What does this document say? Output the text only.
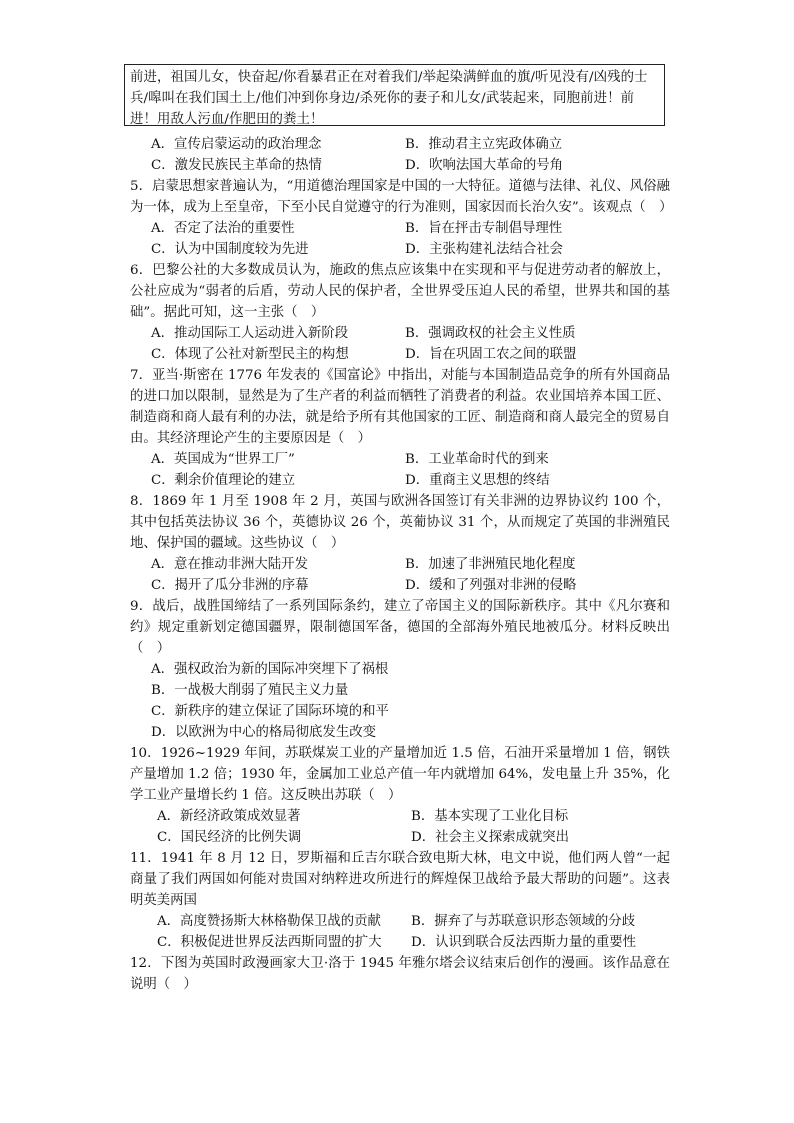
前进，祖国儿女，快奋起/你看暴君正在对着我们/举起染满鲜血的旗/听见没有/凶残的士兵/嗥叫在我们国土上/他们冲到你身边/杀死你的妻子和儿女/武装起来，同胞前进！前进！用敌人污血/作肥田的粪土！
A．宣传启蒙运动的政治理念	B．推动君主立宪政体确立
C．激发民族民主革命的热情	D．吹响法国大革命的号角

5．启蒙思想家普遍认为，“用道德治理国家是中国的一大特征。道德与法律、礼仪、风俗融为一体，成为上至皇帝，下至小民自觉遵守的行为准则，国家因而长治久安”。该观点（　）

A．否定了法治的重要性	B．旨在抨击专制倡导理性
C．认为中国制度较为先进	D．主张构建礼法结合社会

6．巴黎公社的大多数成员认为，施政的焦点应该集中在实现和平与促进劳动者的解放上，公社应成为“弱者的后盾，劳动人民的保护者，全世界受压迫人民的希望，世界共和国的基础”。据此可知，这一主张（　）

A．推动国际工人运动进入新阶段	B．强调政权的社会主义性质
C．体现了公社对新型民主的构想	D．旨在巩固工农之间的联盟

7．亚当·斯密在 1776 年发表的《国富论》中指出，对能与本国制造品竞争的所有外国商品的进口加以限制，显然是为了生产者的利益而牺牲了消费者的利益。农业国培养本国工匠、制造商和商人最有利的办法，就是给予所有其他国家的工匠、制造商和商人最完全的贸易自由。其经济理论产生的主要原因是（　）

A．英国成为“世界工厂”	B．工业革命时代的到来
C．剩余价值理论的建立	D．重商主义思想的终结

8．1869 年 1 月至 1908 年 2 月，英国与欧洲各国签订有关非洲的边界协议约 100 个，其中包括英法协议 36 个，英德协议 26 个，英葡协议 31 个，从而规定了英国的非洲殖民地、保护国的疆域。这些协议（　）

A．意在推动非洲大陆开发	B．加速了非洲殖民地化程度
C．揭开了瓜分非洲的序幕	D．缓和了列强对非洲的侵略

9．战后，战胜国缔结了一系列国际条约，建立了帝国主义的国际新秩序。其中《凡尔赛和约》规定重新划定德国疆界，限制德国军备，德国的全部海外殖民地被瓜分。材料反映出（　）

A．强权政治为新的国际冲突埋下了祸根
B．一战极大削弱了殖民主义力量
C．新秩序的建立保证了国际环境的和平
D．以欧洲为中心的格局彻底发生改变

10．1926~1929 年间，苏联煤炭工业的产量增加近 1.5 倍，石油开采量增加 1 倍，钢铁产量增加 1.2 倍；1930 年，金属加工业总产值一年内就增加 64%，发电量上升 35%，化学工业产量增长约 1 倍。这反映出苏联（　）

A．新经济政策成效显著	B．基本实现了工业化目标
C．国民经济的比例失调	D．社会主义探索成就突出

11．1941 年 8 月 12 日，罗斯福和丘吉尔联合致电斯大林，电文中说，他们两人曾“一起商量了我们两国如何能对贵国对纳粹进攻所进行的辉煌保卫战给予最大帮助的问题”。这表明英美两国

A．高度赞扬斯大林格勒保卫战的贡献	B．摒弃了与苏联意识形态领域的分歧
C．积极促进世界反法西斯同盟的扩大	D．认识到联合反法西斯力量的重要性

12．下图为英国时政漫画家大卫·洛于 1945 年雅尔塔会议结束后创作的漫画。该作品意在说明（　）
